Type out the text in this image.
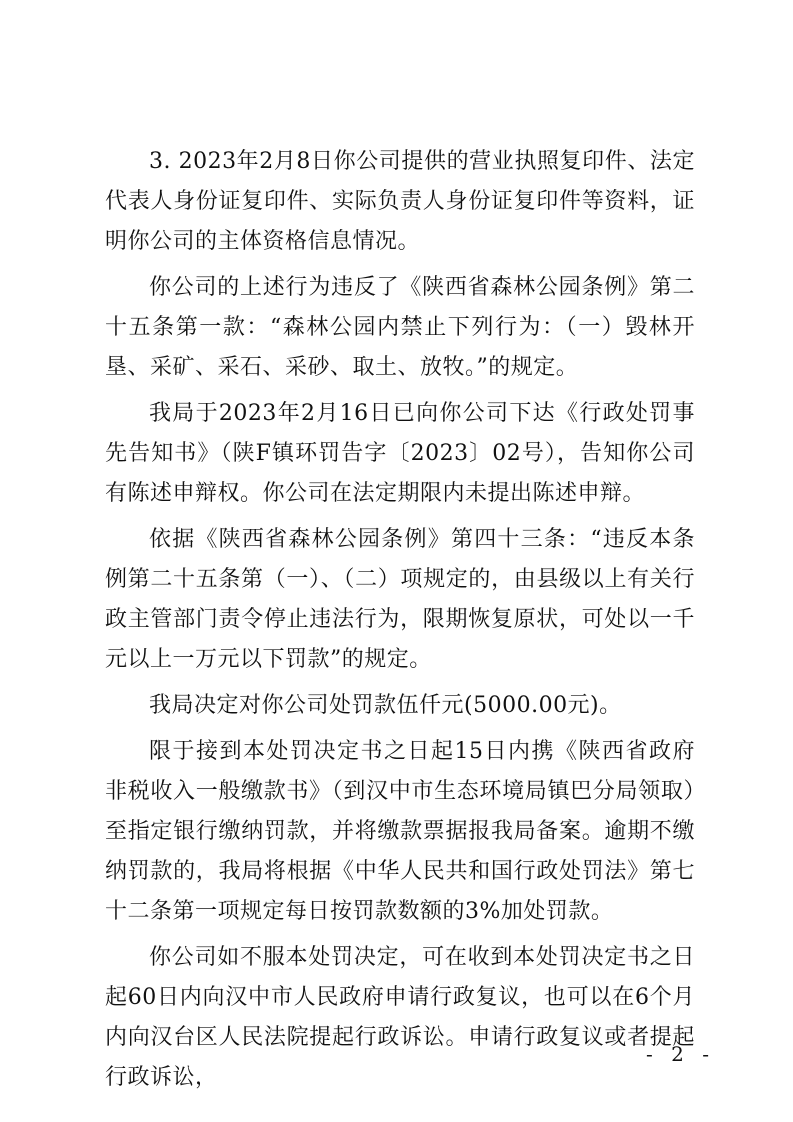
3. 2023年2月8日你公司提供的营业执照复印件、法定代表人身份证复印件、实际负责人身份证复印件等资料，证明你公司的主体资格信息情况。

你公司的上述行为违反了《陕西省森林公园条例》第二十五条第一款：“森林公园内禁止下列行为：（一）毁林开垦、采矿、采石、采砂、取土、放牧。”的规定。

我局于2023年2月16日已向你公司下达《行政处罚事先告知书》（陕F镇环罚告字〔2023〕02号），告知你公司有陈述申辩权。你公司在法定期限内未提出陈述申辩。

依据《陕西省森林公园条例》第四十三条：“违反本条例第二十五条第（一）、（二）项规定的，由县级以上有关行政主管部门责令停止违法行为，限期恢复原状，可处以一千元以上一万元以下罚款”的规定。

我局决定对你公司处罚款伍仟元(5000.00元)。

限于接到本处罚决定书之日起15日内携《陕西省政府非税收入一般缴款书》（到汉中市生态环境局镇巴分局领取）至指定银行缴纳罚款，并将缴款票据报我局备案。逾期不缴纳罚款的，我局将根据《中华人民共和国行政处罚法》第七十二条第一项规定每日按罚款数额的3%加处罚款。

你公司如不服本处罚决定，可在收到本处罚决定书之日起60日内向汉中市人民政府申请行政复议，也可以在6个月内向汉台区人民法院提起行政诉讼。申请行政复议或者提起行政诉讼，

- 2 -
